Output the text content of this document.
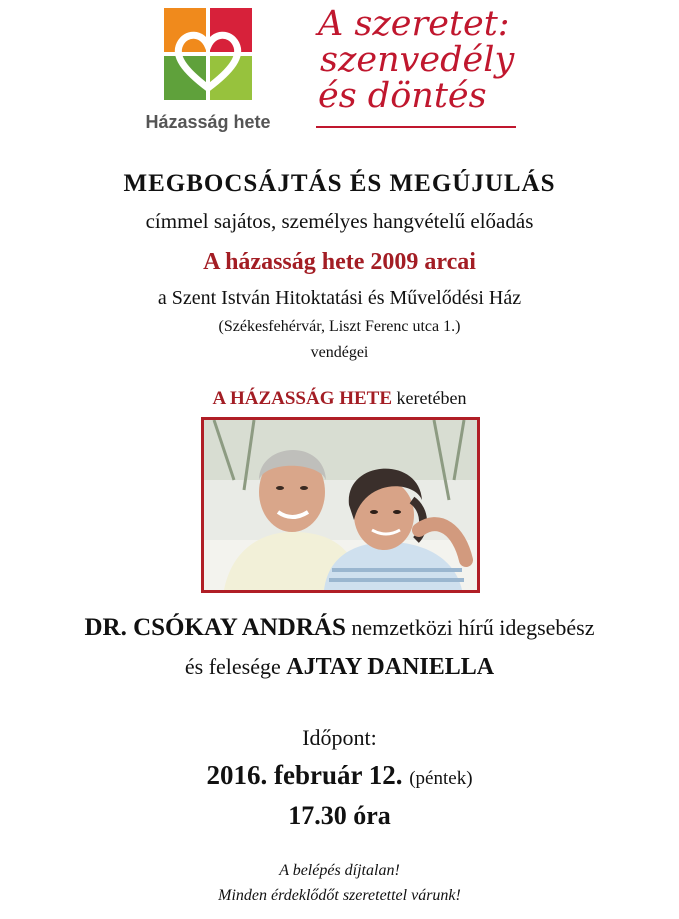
Házasság hete
A szeretet:
szenvedély
és döntés
MEGBOCSÁJTÁS ÉS MEGÚJULÁS
címmel sajátos, személyes hangvételű előadás
A házasság hete 2009 arcai
a Szent István Hitoktatási és Művelődési Ház
(Székesfehérvár, Liszt Ferenc utca 1.)
vendégei
A HÁZASSÁG HETE keretében
DR. CSÓKAY ANDRÁS nemzetközi hírű idegsebész
és felesége AJTAY DANIELLA
Időpont:
2016. február 12. (péntek)
17.30 óra
A belépés díjtalan!
Minden érdeklődőt szeretettel várunk!
